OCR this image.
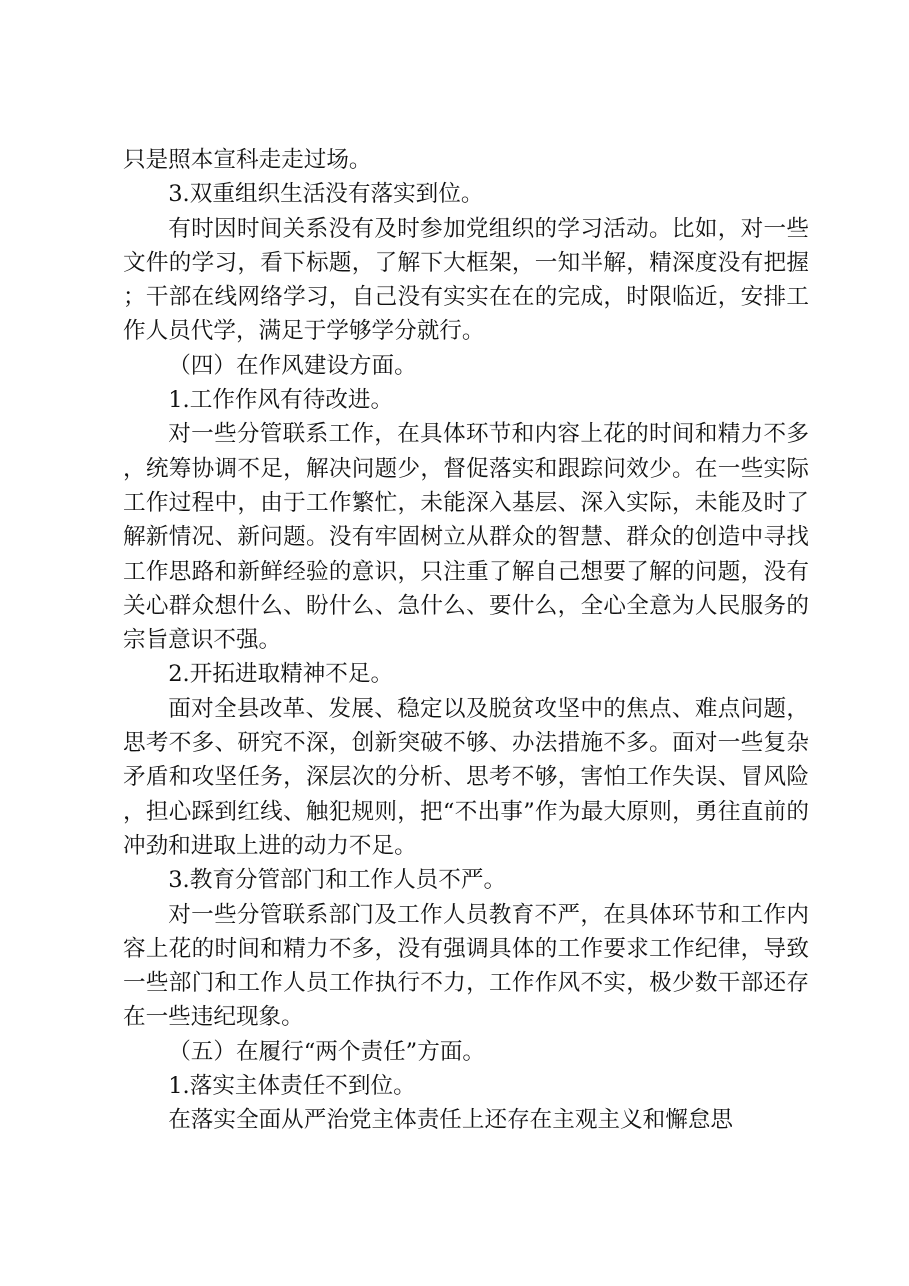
只是照本宣科走走过场。

3.双重组织生活没有落实到位。

有时因时间关系没有及时参加党组织的学习活动。比如，对一些文件的学习，看下标题，了解下大框架，一知半解，精深度没有把握；干部在线网络学习，自己没有实实在在的完成，时限临近，安排工作人员代学，满足于学够学分就行。

（四）在作风建设方面。

1.工作作风有待改进。

对一些分管联系工作，在具体环节和内容上花的时间和精力不多，统筹协调不足，解决问题少，督促落实和跟踪问效少。在一些实际工作过程中，由于工作繁忙，未能深入基层、深入实际，未能及时了解新情况、新问题。没有牢固树立从群众的智慧、群众的创造中寻找工作思路和新鲜经验的意识，只注重了解自己想要了解的问题，没有关心群众想什么、盼什么、急什么、要什么，全心全意为人民服务的宗旨意识不强。

2.开拓进取精神不足。

面对全县改革、发展、稳定以及脱贫攻坚中的焦点、难点问题，思考不多、研究不深，创新突破不够、办法措施不多。面对一些复杂矛盾和攻坚任务，深层次的分析、思考不够，害怕工作失误、冒风险，担心踩到红线、触犯规则，把“不出事”作为最大原则，勇往直前的冲劲和进取上进的动力不足。

3.教育分管部门和工作人员不严。

对一些分管联系部门及工作人员教育不严，在具体环节和工作内容上花的时间和精力不多，没有强调具体的工作要求工作纪律，导致一些部门和工作人员工作执行不力，工作作风不实，极少数干部还存在一些违纪现象。

（五）在履行“两个责任”方面。

1.落实主体责任不到位。

在落实全面从严治党主体责任上还存在主观主义和懈怠思
